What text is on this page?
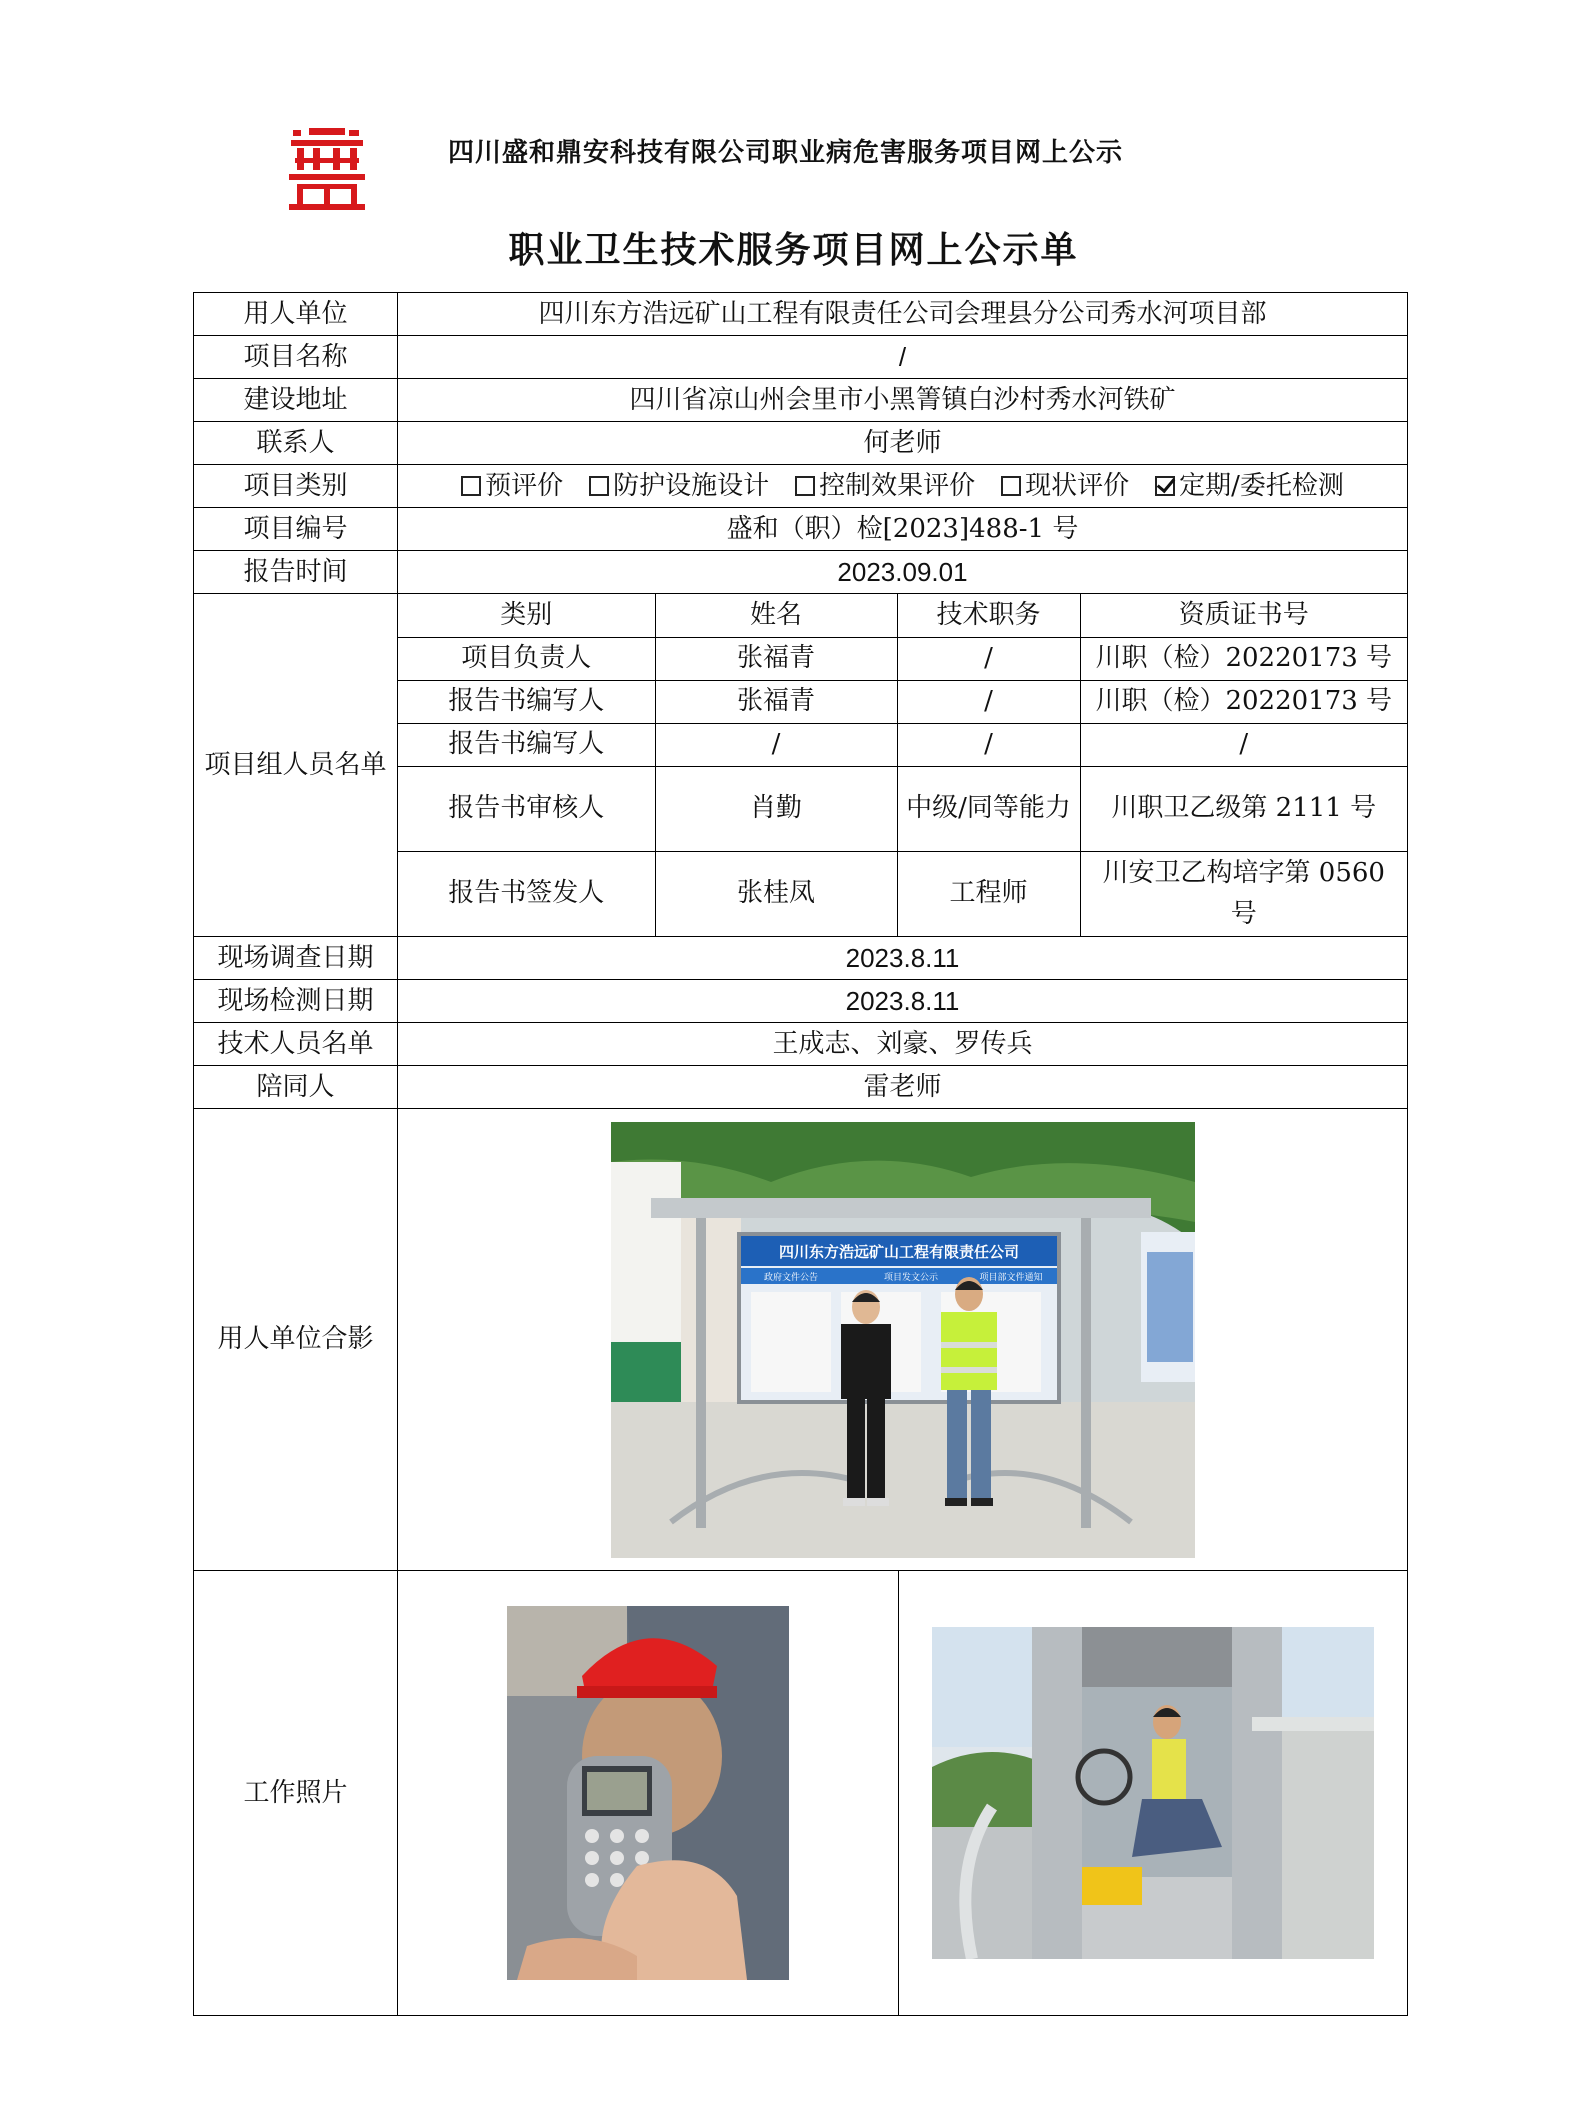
四川盛和鼎安科技有限公司职业病危害服务项目网上公示
职业卫生技术服务项目网上公示单
用人单位	四川东方浩远矿山工程有限责任公司会理县分公司秀水河项目部
项目名称	/
建设地址	四川省凉山州会里市小黑箐镇白沙村秀水河铁矿
联系人	何老师
项目类别	预评价 防护设施设计 控制效果评价 现状评价 定期/委托检测
项目编号	盛和（职）检[2023]488-1 号
报告时间	2023.09.01
项目组人员名单	
类别	姓名	技术职务	资质证书号
项目负责人	张福青	/	川职（检）20220173 号
报告书编写人	张福青	/	川职（检）20220173 号
报告书编写人	/	/	/
报告书审核人	肖勤	中级/同等能力	川职卫乙级第 2111 号
报告书签发人	张桂凤	工程师	川安卫乙构培字第 0560 号

现场调查日期	2023.8.11
现场检测日期	2023.8.11
技术人员名单	王成志、刘豪、罗传兵
陪同人	雷老师
用人单位合影	
四川东方浩远矿山工程有限责任公司
政府文件公告	项目发文公示	项目部文件通知

工作照片	
